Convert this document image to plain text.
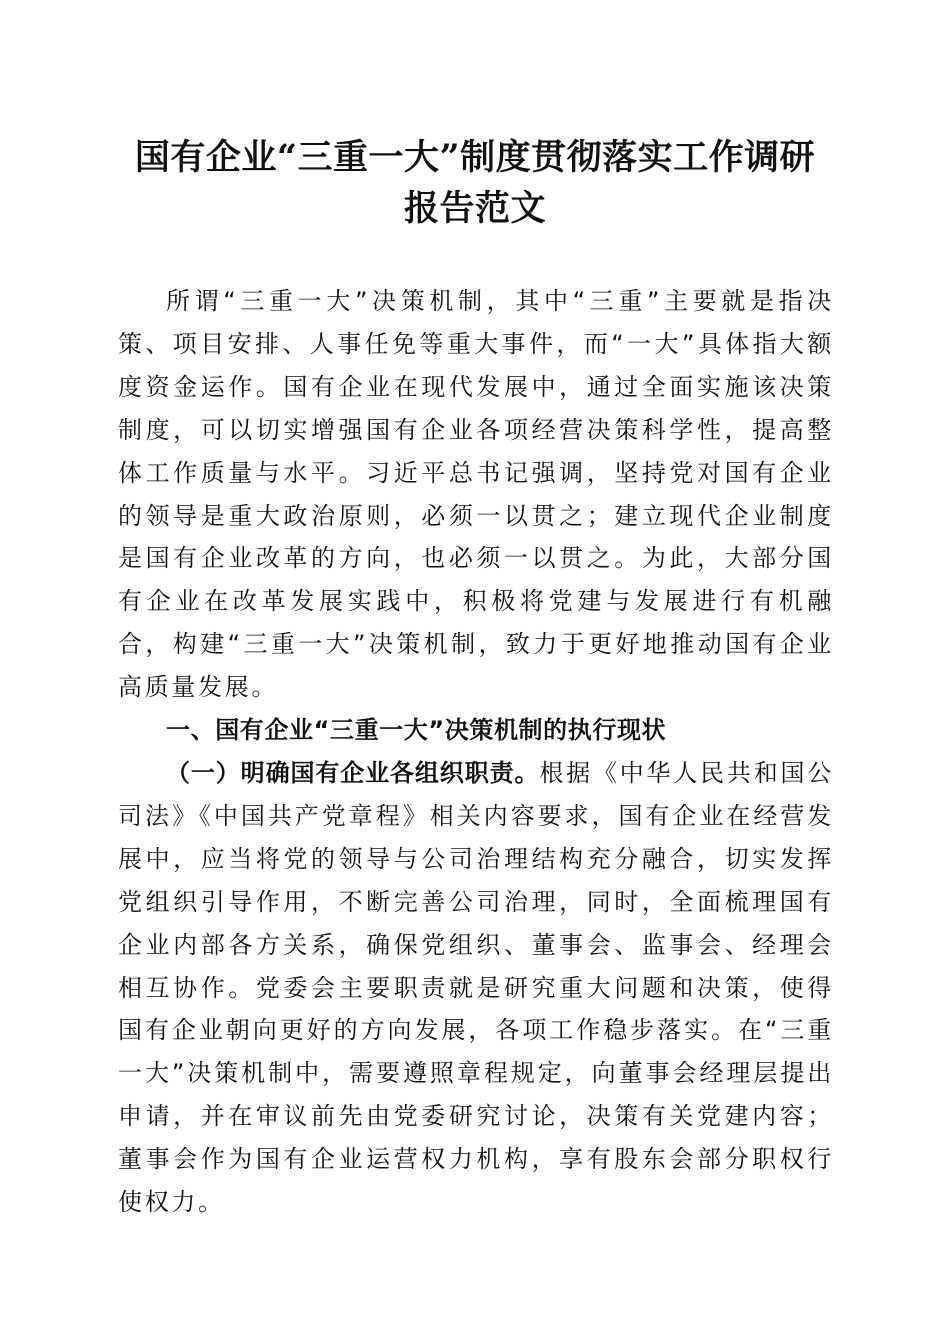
国有企业“三重一大”制度贯彻落实工作调研
报告范文

所谓“三重一大”决策机制，其中“三重”主要就是指决策、项目安排、人事任免等重大事件，而“一大”具体指大额度资金运作。国有企业在现代发展中，通过全面实施该决策制度，可以切实增强国有企业各项经营决策科学性，提高整体工作质量与水平。习近平总书记强调，坚持党对国有企业的领导是重大政治原则，必须一以贯之；建立现代企业制度是国有企业改革的方向，也必须一以贯之。为此，大部分国有企业在改革发展实践中，积极将党建与发展进行有机融合，构建“三重一大”决策机制，致力于更好地推动国有企业高质量发展。

一、国有企业“三重一大”决策机制的执行现状

（一）明确国有企业各组织职责。根据《中华人民共和国公司法》《中国共产党章程》相关内容要求，国有企业在经营发展中，应当将党的领导与公司治理结构充分融合，切实发挥党组织引导作用，不断完善公司治理，同时，全面梳理国有企业内部各方关系，确保党组织、董事会、监事会、经理会相互协作。党委会主要职责就是研究重大问题和决策，使得国有企业朝向更好的方向发展，各项工作稳步落实。在“三重一大”决策机制中，需要遵照章程规定，向董事会经理层提出申请，并在审议前先由党委研究讨论，决策有关党建内容；董事会作为国有企业运营权力机构，享有股东会部分职权行使权力。
